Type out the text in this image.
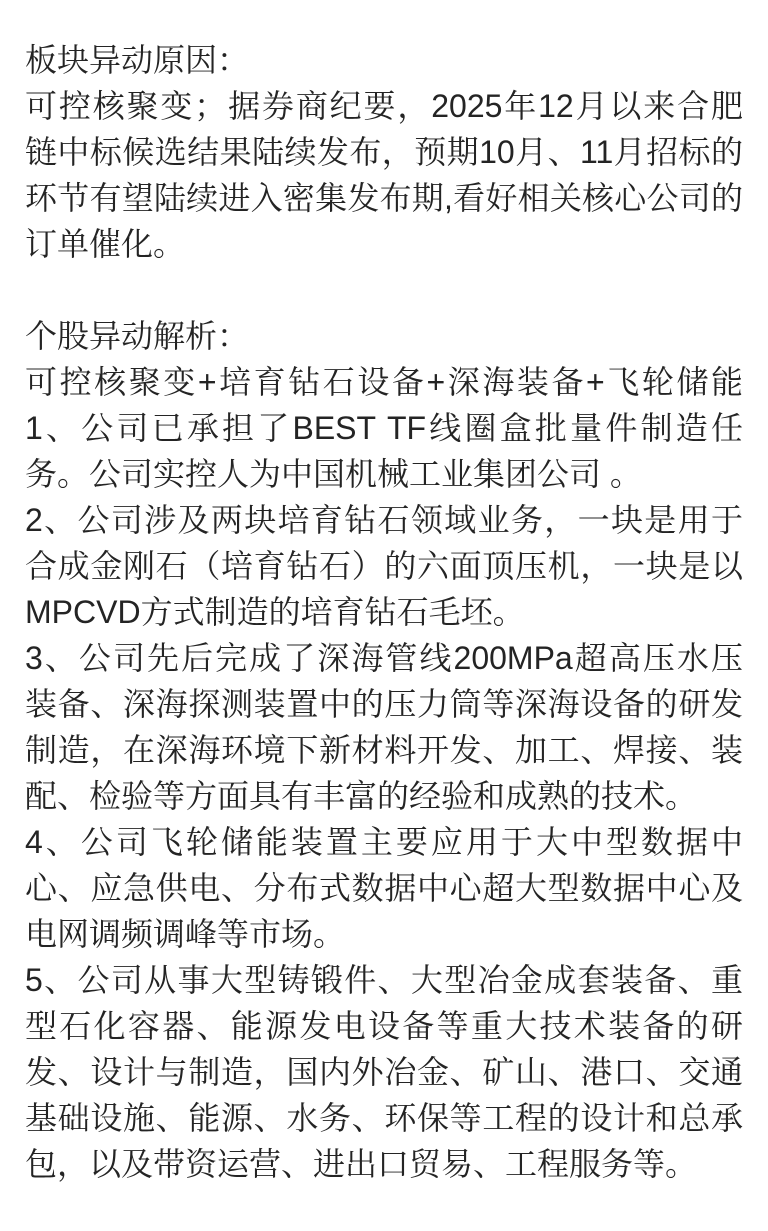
板块异动原因：
可控核聚变；据券商纪要，2025年12月以来合肥
链中标候选结果陆续发布，预期10月、11月招标的
环节有望陆续进入密集发布期,看好相关核心公司的
订单催化。
个股异动解析：
可控核聚变+培育钻石设备+深海装备+飞轮储能
1、公司已承担了BEST TF线圈盒批量件制造任
务。公司实控人为中国机械工业集团公司 。
2、公司涉及两块培育钻石领域业务，一块是用于
合成金刚石（培育钻石）的六面顶压机，一块是以
MPCVD方式制造的培育钻石毛坯。
3、公司先后完成了深海管线200MPa超高压水压
装备、深海探测装置中的压力筒等深海设备的研发
制造，在深海环境下新材料开发、加工、焊接、装
配、检验等方面具有丰富的经验和成熟的技术。
4、公司飞轮储能装置主要应用于大中型数据中
心、应急供电、分布式数据中心超大型数据中心及
电网调频调峰等市场。
5、公司从事大型铸锻件、大型冶金成套装备、重
型石化容器、能源发电设备等重大技术装备的研
发、设计与制造，国内外冶金、矿山、港口、交通
基础设施、能源、水务、环保等工程的设计和总承
包，以及带资运营、进出口贸易、工程服务等。
